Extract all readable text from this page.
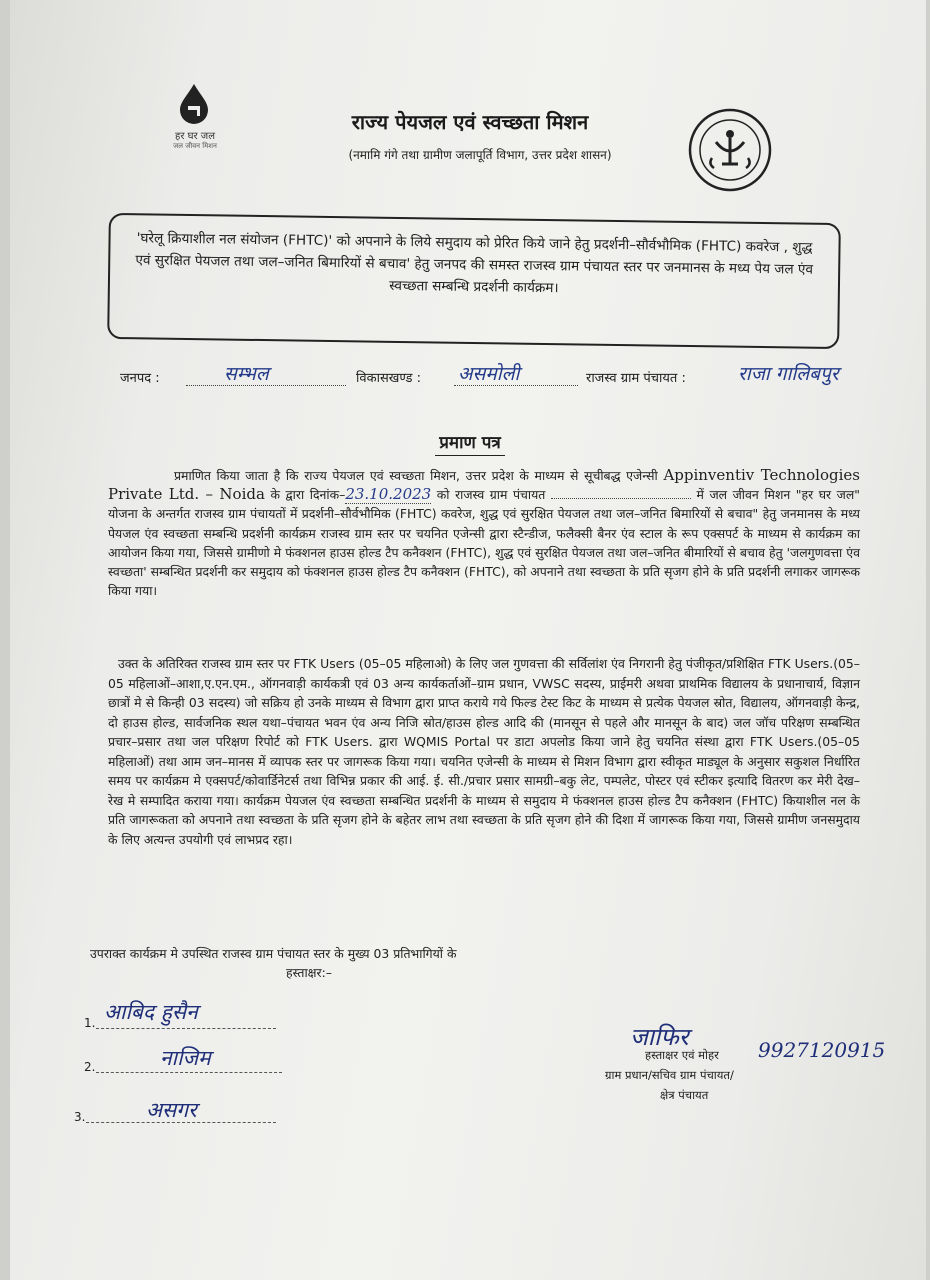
हर घर जल
जल जीवन मिशन
राज्य पेयजल एवं स्वच्छता मिशन
(नमामि गंगे तथा ग्रामीण जलापूर्ति विभाग, उत्तर प्रदेश शासन)

'घरेलू क्रियाशील नल संयोजन (FHTC)' को अपनाने के लिये समुदाय को प्रेरित किये जाने हेतु प्रदर्शनी–सौर्वभौमिक (FHTC) कवरेज , शुद्ध एवं सुरक्षित पेयजल तथा जल–जनित बिमारियों से बचाव' हेतु जनपद की समस्त राजस्व ग्राम पंचायत स्तर पर जनमानस के मध्य पेय जल एंव स्वच्छता सम्बन्धि प्रदर्शनी कार्यक्रम।

जनपद :	सम्भल	विकासखण्ड : असमोली	राजस्व ग्राम पंचायत :	राजा गालिबपुर
प्रमाण पत्र

प्रमाणित किया जाता है कि राज्य पेयजल एवं स्वच्छता मिशन, उत्तर प्रदेश के माध्यम से सूचीबद्ध एजेन्सी Appinventiv Technologies Private Ltd. – Noida के द्वारा दिनांक–23.10.2023 को राजस्व ग्राम पंचायत	में जल जीवन मिशन "हर घर जल" योजना के अन्तर्गत राजस्व ग्राम पंचायतों में प्रदर्शनी–सौर्वभौमिक (FHTC) कवरेज, शुद्ध एवं सुरक्षित पेयजल तथा जल–जनित बिमारियों से बचाव" हेतु जनमानस के मध्य पेयजल एंव स्वच्छता सम्बन्धि प्रदर्शनी कार्यक्रम राजस्व ग्राम स्तर पर चयनित एजेन्सी द्वारा स्टैन्डीज, फलैक्सी बैनर एंव स्टाल के रूप एक्सपर्ट के माध्यम से कार्यक्रम का आयोजन किया गया, जिससे ग्रामीणो मे फंक्शनल हाउस होल्ड टैप कनैक्शन (FHTC), शुद्ध एवं सुरक्षित पेयजल तथा जल–जनित बीमारियों से बचाव हेतु 'जलगुणवत्ता एंव स्वच्छता' सम्बन्धित प्रदर्शनी कर समुदाय को फंक्शनल हाउस होल्ड टैप कनैक्शन (FHTC), को अपनाने तथा स्वच्छता के प्रति सृजग होने के प्रति प्रदर्शनी लगाकर जागरूक किया गया।

उक्त के अतिरिक्त राजस्व ग्राम स्तर पर FTK Users (05–05 महिलाओ) के लिए जल गुणवत्ता की सर्विलांश एंव निगरानी हेतु पंजीकृत/प्रशिक्षित FTK Users.(05–05 महिलाओं–आशा,ए.एन.एम., ऑगनवाड़ी कार्यकत्री एवं 03 अन्य कार्यकर्ताओं–ग्राम प्रधान, VWSC सदस्य, प्राईमरी अथवा प्राथमिक विद्यालय के प्रधानाचार्य, विज्ञान छात्रों मे से किन्ही 03 सदस्य) जो सक्रिय हो उनके माध्यम से विभाग द्वारा प्राप्त कराये गये फिल्ड टेस्ट किट के माध्यम से प्रत्येक पेयजल स्रोत, विद्यालय, ऑगनवाड़ी केन्द्र, दो हाउस होल्ड, सार्वजनिक स्थल यथा–पंचायत भवन एंव अन्य निजि स्रोत/हाउस होल्ड आदि की (मानसून से पहले और मानसून के बाद) जल जॉच परिक्षण सम्बन्धित प्रचार–प्रसार तथा जल परिक्षण रिपोर्ट को FTK Users. द्वारा WQMIS Portal पर डाटा अपलोड किया जाने हेतु चयनित संस्था द्वारा FTK Users.(05–05 महिलाओं) तथा आम जन–मानस में व्यापक स्तर पर जागरूक किया गया। चयनित एजेन्सी के माध्यम से मिशन विभाग द्वारा स्वीकृत माड्यूल के अनुसार सकुशल निर्धारित समय पर कार्यक्रम मे एक्सपर्ट/कोवार्डिनेटर्स तथा विभिन्न प्रकार की आई. ई. सी./प्रचार प्रसार सामग्री–बकु लेट, पम्पलेट, पोस्टर एवं स्टीकर इत्यादि वितरण कर मेरी देख–रेख मे सम्पादित कराया गया। कार्यक्रम पेयजल एंव स्वच्छता सम्बन्धित प्रदर्शनी के माध्यम से समुदाय मे फंक्शनल हाउस होल्ड टैप कनैक्शन (FHTC) कियाशील नल के प्रति जागरूकता को अपनाने तथा स्वच्छता के प्रति सृजग होने के बहेतर लाभ तथा स्वच्छता के प्रति सृजग होने की दिशा में जागरूक किया गया, जिससे ग्रामीण जनसमुदाय के लिए अत्यन्त उपयोगी एवं लाभप्रद रहा।

उपराक्त कार्यक्रम मे उपस्थित राजस्व ग्राम पंचायत स्तर के मुख्य 03 प्रतिभागियों के
हस्ताक्षर:–
1. आबिद हुसैन
2.	नाजिम
3.	असगर
जाफिर	9927120915
हस्ताक्षर एवं मोहर
ग्राम प्रधान/सचिव ग्राम पंचायत/
क्षेत्र पंचायत
